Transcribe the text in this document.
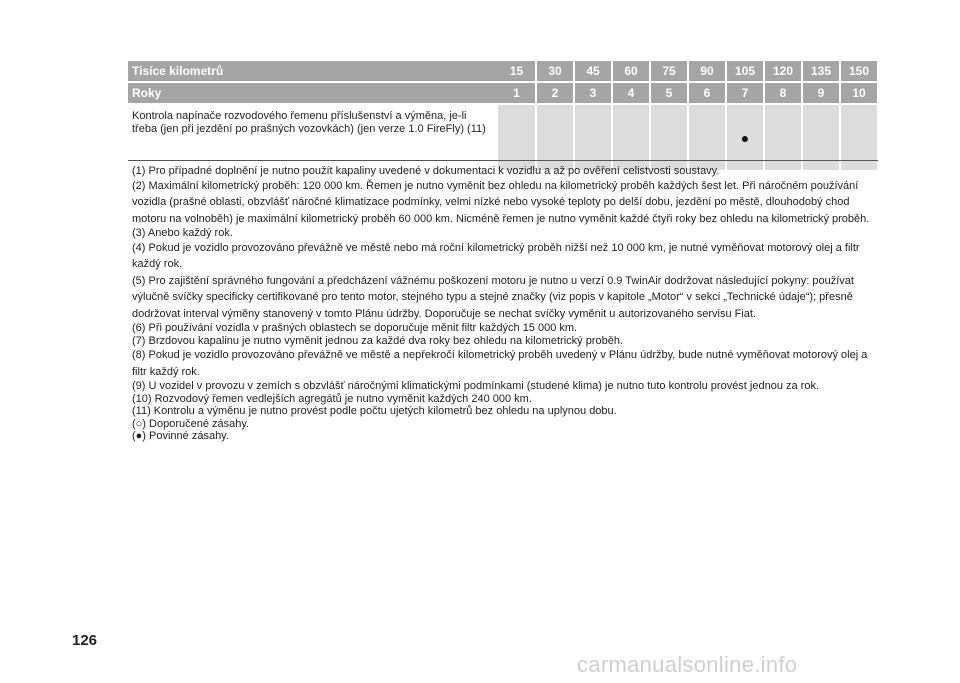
Tisíce kilometrů	15	30	45	60	75	90	105	120	135	150
Roky	1	2	3	4	5	6	7	8	9	10
Kontrola napínače rozvodového řemenu příslušenství a výměna, je-li třeba (jen při jezdění po prašných vozovkách) (jen verze 1.0 FireFly) (11)							●			

(1) Pro případné doplnění je nutno použít kapaliny uvedené v dokumentaci k vozidlu a až po ověření celistvosti soustavy.

(2) Maximální kilometrický proběh: 120 000 km. Řemen je nutno vyměnit bez ohledu na kilometrický proběh každých šest let. Při náročném používání vozidla (prašné oblasti, obzvlášť náročné klimatizace podmínky, velmi nízké nebo vysoké teploty po delší dobu, jezdění po městě, dlouhodobý chod motoru na volnoběh) je maximální kilometrický proběh 60 000 km. Nicméně řemen je nutno vyměnit každé čtyři roky bez ohledu na kilometrický proběh.

(3) Anebo každý rok.

(4) Pokud je vozidlo provozováno převážně ve městě nebo má roční kilometrický proběh nižší než 10 000 km, je nutné vyměňovat motorový olej a filtr každý rok.

(5) Pro zajištění správného fungování a předcházení vážnému poškození motoru je nutno u verzí 0.9 TwinAir dodržovat následující pokyny: používat výlučně svíčky specificky certifikované pro tento motor, stejného typu a stejné značky (viz popis v kapitole „Motor“ v sekci „Technické údaje“); přesně dodržovat interval výměny stanovený v tomto Plánu údržby. Doporučuje se nechat svíčky vyměnit u autorizovaného servisu Fiat.

(6) Při používání vozidla v prašných oblastech se doporučuje měnit filtr každých 15 000 km.

(7) Brzdovou kapalinu je nutno vyměnit jednou za každé dva roky bez ohledu na kilometrický proběh.

(8) Pokud je vozidlo provozováno převážně ve městě a nepřekročí kilometrický proběh uvedený v Plánu údržby, bude nutné vyměňovat motorový olej a filtr každý rok.

(9) U vozidel v provozu v zemích s obzvlášť náročnými klimatickými podmínkami (studené klima) je nutno tuto kontrolu provést jednou za rok.

(10) Rozvodový řemen vedlejších agregátů je nutno vyměnit každých 240 000 km.

(11) Kontrolu a výměnu je nutno provést podle počtu ujetých kilometrů bez ohledu na uplynou dobu.

(○) Doporučené zásahy.

(●) Povinné zásahy.

126
carmanualsonline.info
